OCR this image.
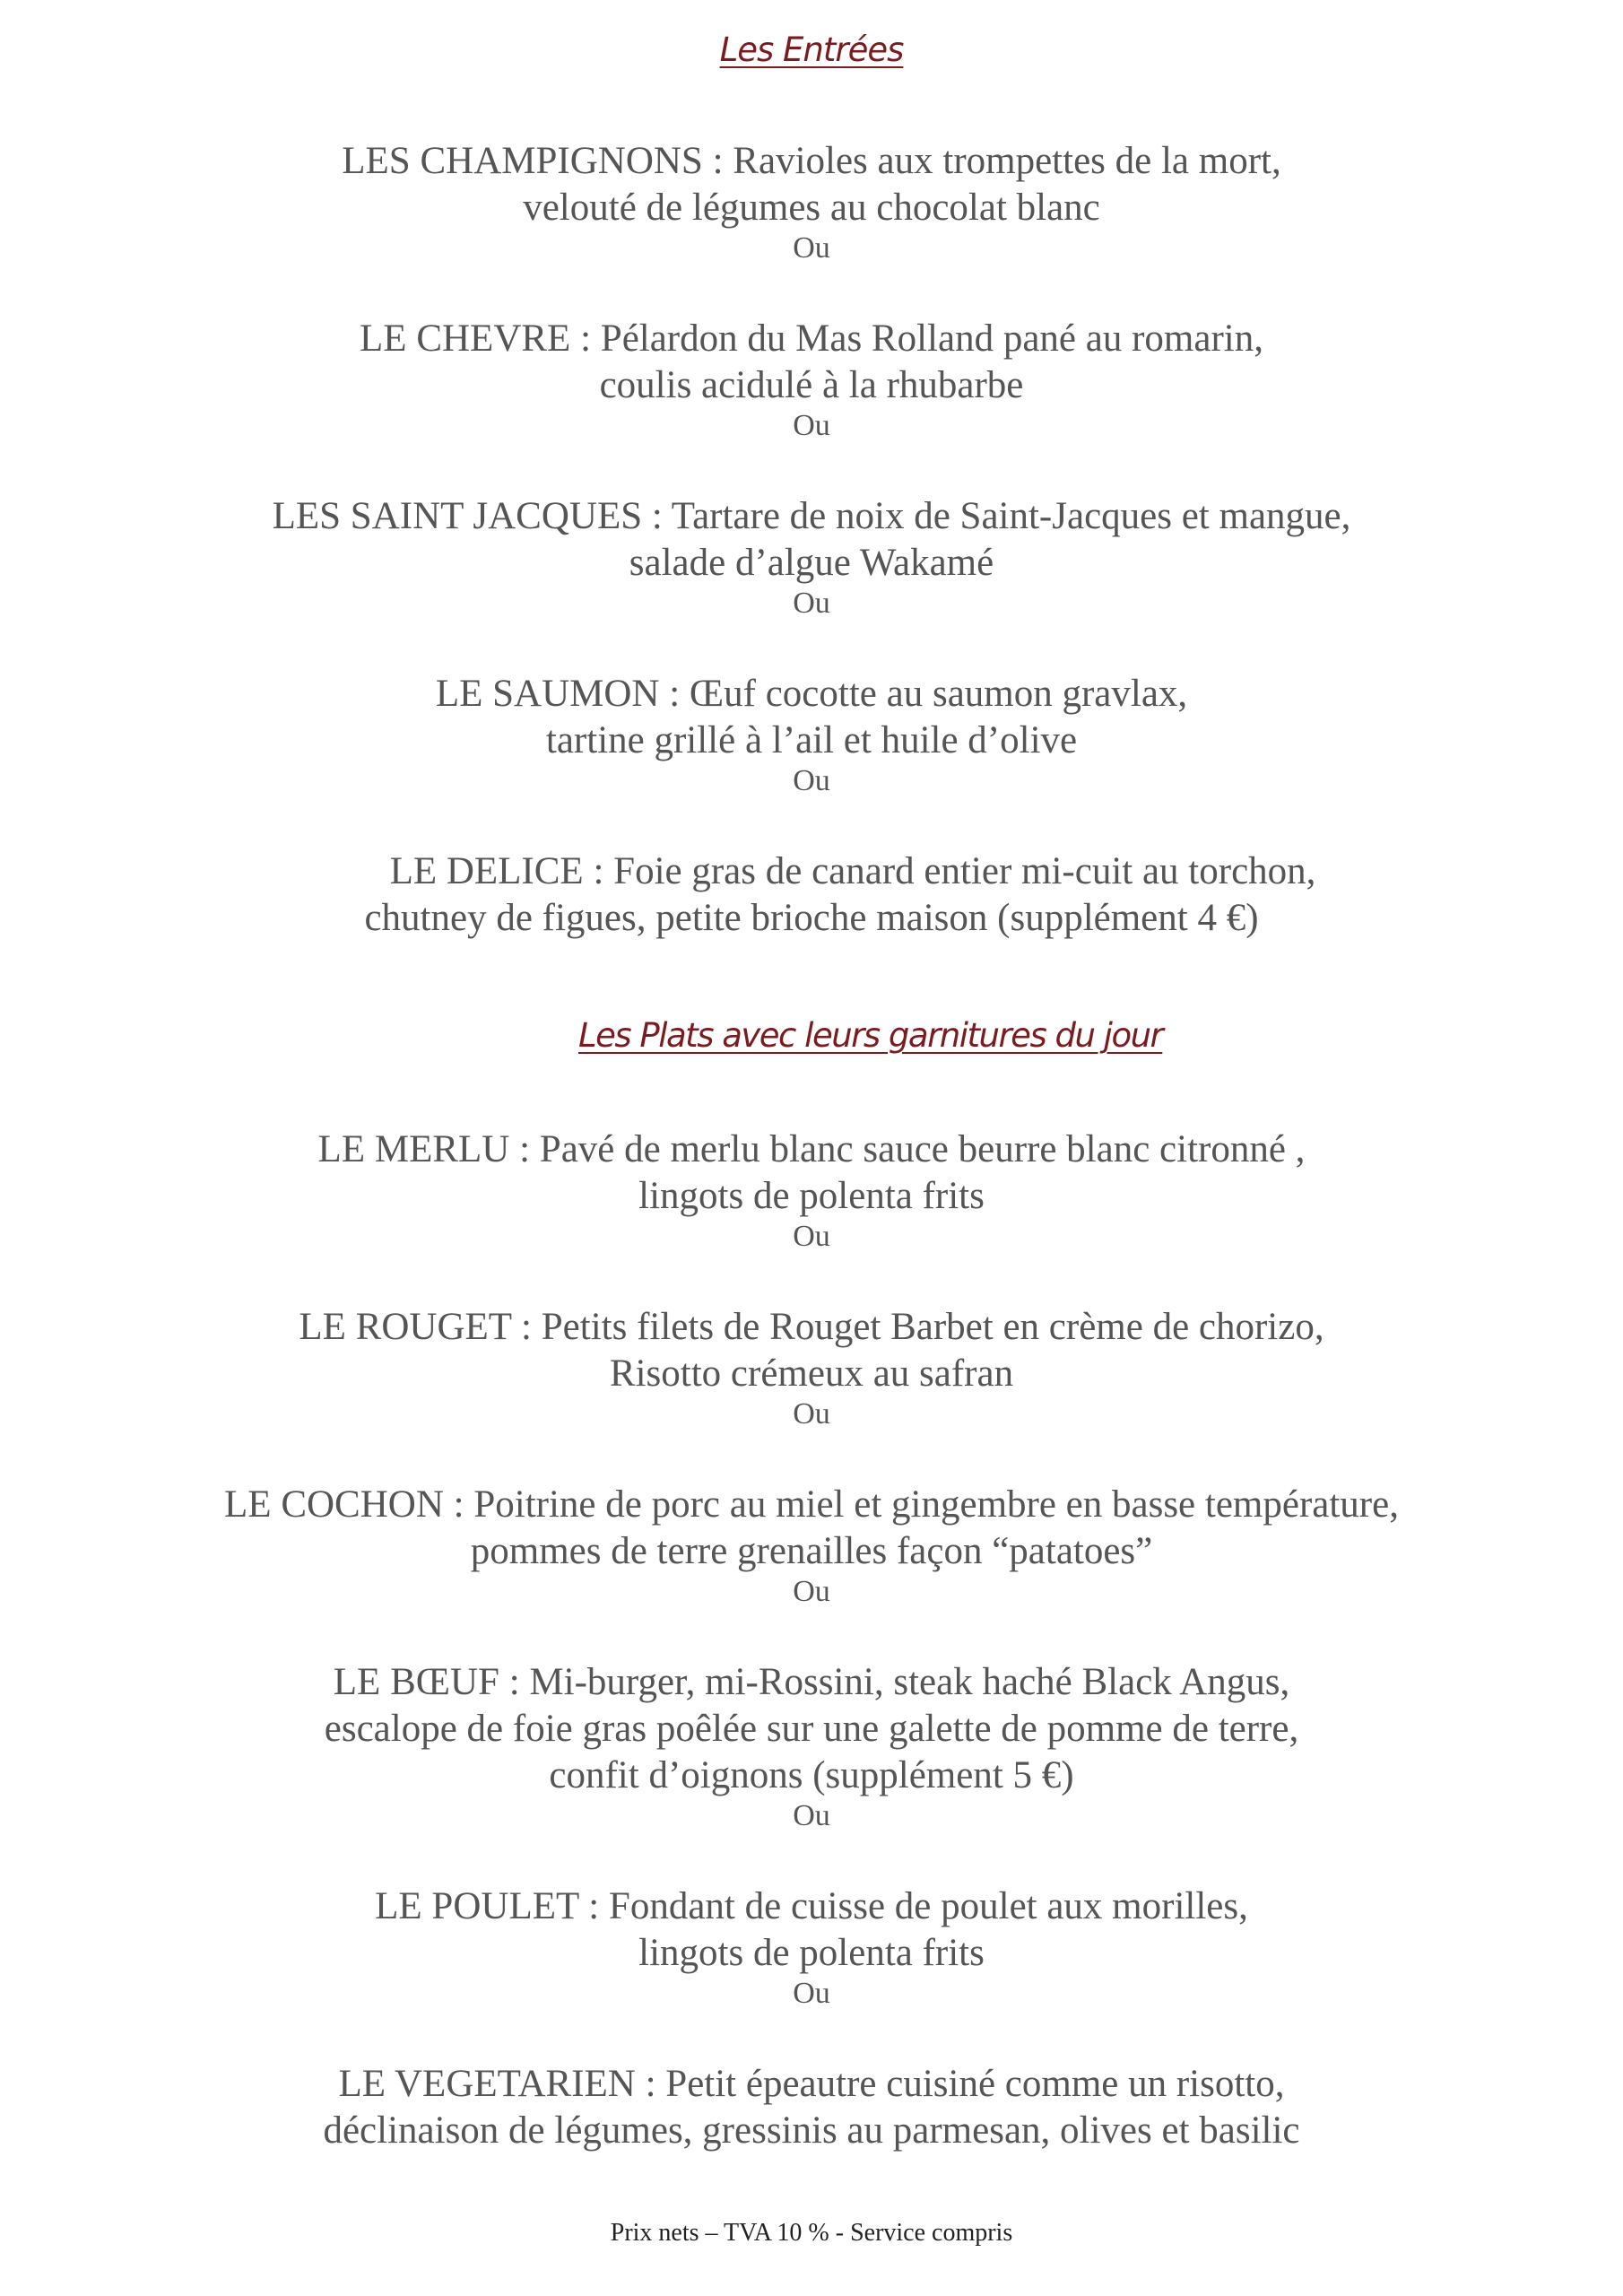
Les Entrées
LES CHAMPIGNONS : Ravioles aux trompettes de la mort,
velouté de légumes au chocolat blanc
Ou
LE CHEVRE : Pélardon du Mas Rolland pané au romarin,
coulis acidulé à la rhubarbe
Ou
LES SAINT JACQUES : Tartare de noix de Saint-Jacques et mangue,
salade d’algue Wakamé
Ou
LE SAUMON : Œuf cocotte au saumon gravlax,
tartine grillé à l’ail et huile d’olive
Ou
LE DELICE : Foie gras de canard entier mi-cuit au torchon,
chutney de figues, petite brioche maison (supplément 4 €)
Les Plats avec leurs garnitures du jour
LE MERLU : Pavé de merlu blanc sauce beurre blanc citronné ,
lingots de polenta frits
Ou
LE ROUGET : Petits filets de Rouget Barbet en crème de chorizo,
Risotto crémeux au safran
Ou
LE COCHON : Poitrine de porc au miel et gingembre en basse température,
pommes de terre grenailles façon “patatoes”
Ou
LE BŒUF : Mi-burger, mi-Rossini, steak haché Black Angus,
escalope de foie gras poêlée sur une galette de pomme de terre,
confit d’oignons (supplément 5 €)
Ou
LE POULET : Fondant de cuisse de poulet aux morilles,
lingots de polenta frits
Ou
LE VEGETARIEN : Petit épeautre cuisiné comme un risotto,
déclinaison de légumes, gressinis au parmesan, olives et basilic
Prix nets – TVA 10 % - Service compris
